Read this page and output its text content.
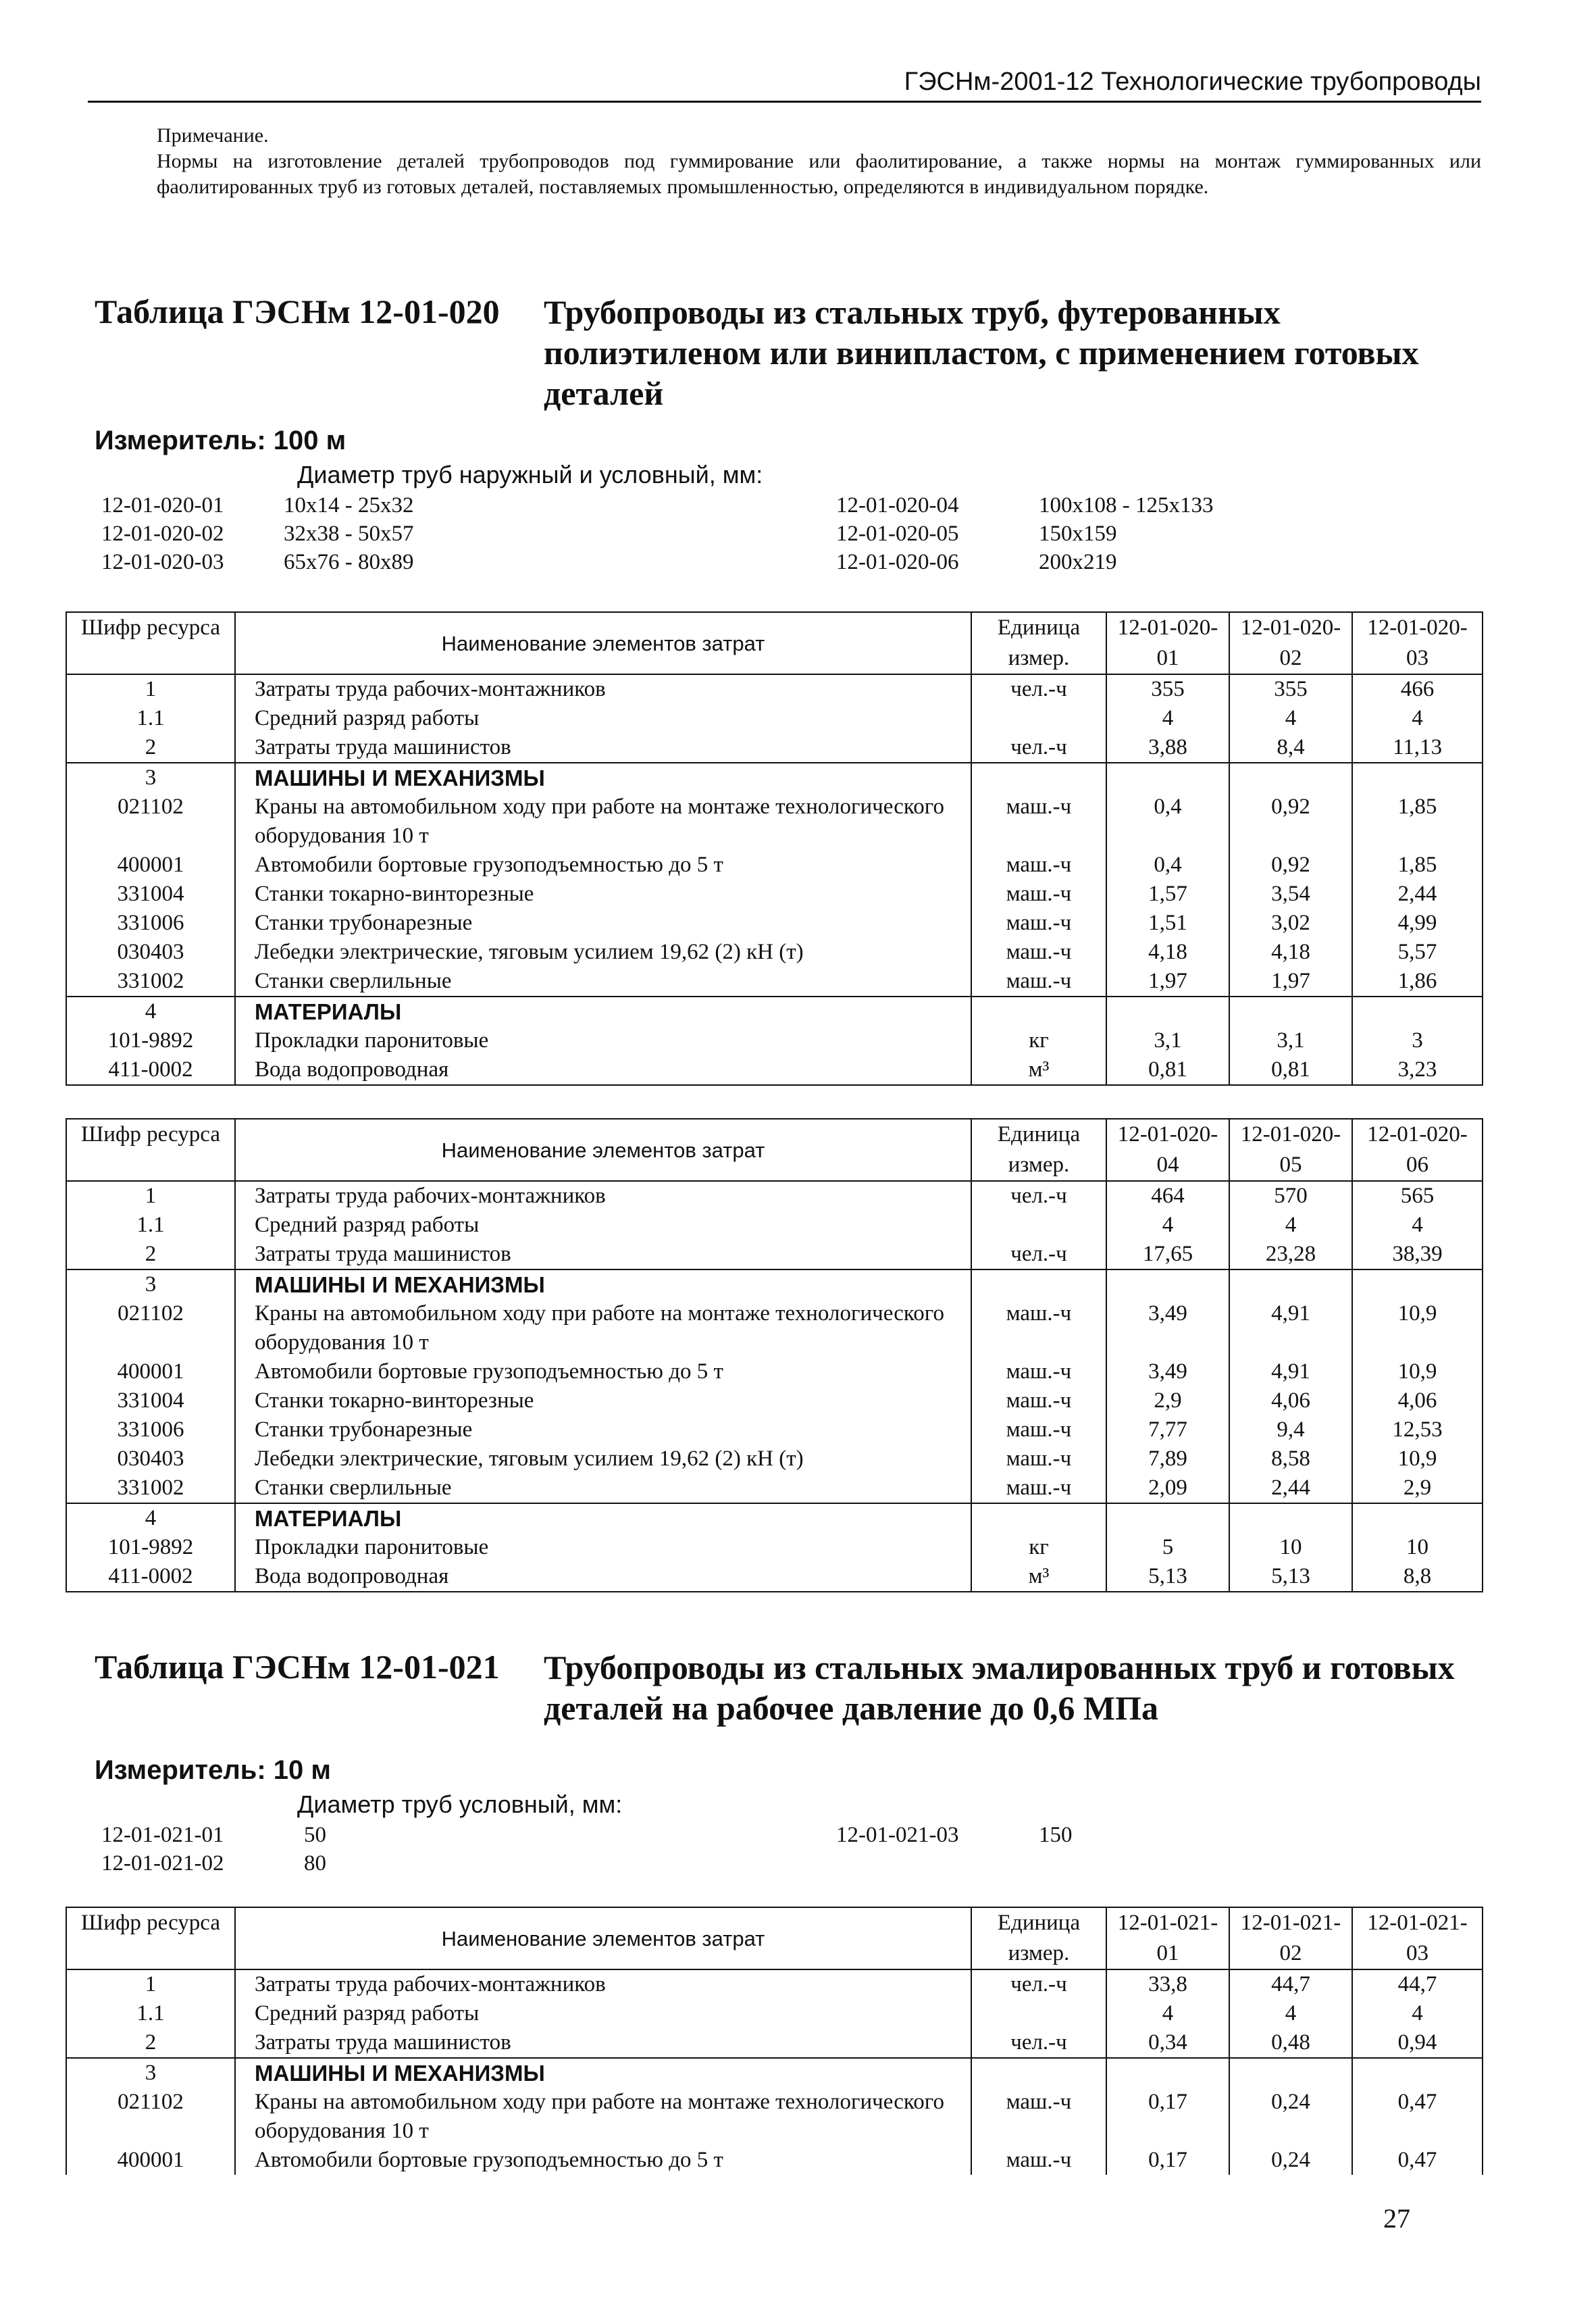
ГЭСНм-2001-12 Технологические трубопроводы
Примечание.
Нормы на изготовление деталей трубопроводов под гуммирование или фаолитирование, а также нормы на монтаж гуммированных или фаолитированных труб из готовых деталей, поставляемых промышленностью, определяются в индивидуальном порядке.
Таблица ГЭСНм 12-01-020 Трубопроводы из стальных труб, футерованных полиэтиленом или винипластом, с применением готовых деталей
Измеритель: 100 м
Диаметр труб наружный и условный, мм:
12-01-020-01	10x14 - 25x32	12-01-020-04	100x108 - 125x133
12-01-020-02	32x38 - 50x57	12-01-020-05	150x159
12-01-020-03	65x76 - 80x89	12-01-020-06	200x219
Шифр ресурса	Наименование элементов затрат	Единица измер.	12-01-020-01	12-01-020-02	12-01-020-03
1	Затраты труда рабочих-монтажников	чел.-ч	355	355	466
1.1	Средний разряд работы		4	4	4
2	Затраты труда машинистов	чел.-ч	3,88	8,4	11,13
3	МАШИНЫ И МЕХАНИЗМЫ				
021102	Краны на автомобильном ходу при работе на монтаже технологического оборудования 10 т	маш.-ч	0,4	0,92	1,85
400001	Автомобили бортовые грузоподъемностью до 5 т	маш.-ч	0,4	0,92	1,85
331004	Станки токарно-винторезные	маш.-ч	1,57	3,54	2,44
331006	Станки трубонарезные	маш.-ч	1,51	3,02	4,99
030403	Лебедки электрические, тяговым усилием 19,62 (2) кН (т)	маш.-ч	4,18	4,18	5,57
331002	Станки сверлильные	маш.-ч	1,97	1,97	1,86
4	МАТЕРИАЛЫ				
101-9892	Прокладки паронитовые	кг	3,1	3,1	3
411-0002	Вода водопроводная	м³	0,81	0,81	3,23
Шифр ресурса	Наименование элементов затрат	Единица измер.	12-01-020-04	12-01-020-05	12-01-020-06
1	Затраты труда рабочих-монтажников	чел.-ч	464	570	565
1.1	Средний разряд работы		4	4	4
2	Затраты труда машинистов	чел.-ч	17,65	23,28	38,39
3	МАШИНЫ И МЕХАНИЗМЫ				
021102	Краны на автомобильном ходу при работе на монтаже технологического оборудования 10 т	маш.-ч	3,49	4,91	10,9
400001	Автомобили бортовые грузоподъемностью до 5 т	маш.-ч	3,49	4,91	10,9
331004	Станки токарно-винторезные	маш.-ч	2,9	4,06	4,06
331006	Станки трубонарезные	маш.-ч	7,77	9,4	12,53
030403	Лебедки электрические, тяговым усилием 19,62 (2) кН (т)	маш.-ч	7,89	8,58	10,9
331002	Станки сверлильные	маш.-ч	2,09	2,44	2,9
4	МАТЕРИАЛЫ				
101-9892	Прокладки паронитовые	кг	5	10	10
411-0002	Вода водопроводная	м³	5,13	5,13	8,8
Таблица ГЭСНм 12-01-021 Трубопроводы из стальных эмалированных труб и готовых деталей на рабочее давление до 0,6 МПа
Измеритель: 10 м
Диаметр труб условный, мм:
12-01-021-01	50	12-01-021-03	150
12-01-021-02	80
Шифр ресурса	Наименование элементов затрат	Единица измер.	12-01-021-01	12-01-021-02	12-01-021-03
1	Затраты труда рабочих-монтажников	чел.-ч	33,8	44,7	44,7
1.1	Средний разряд работы		4	4	4
2	Затраты труда машинистов	чел.-ч	0,34	0,48	0,94
3	МАШИНЫ И МЕХАНИЗМЫ				
021102	Краны на автомобильном ходу при работе на монтаже технологического оборудования 10 т	маш.-ч	0,17	0,24	0,47
400001	Автомобили бортовые грузоподъемностью до 5 т	маш.-ч	0,17	0,24	0,47
27
